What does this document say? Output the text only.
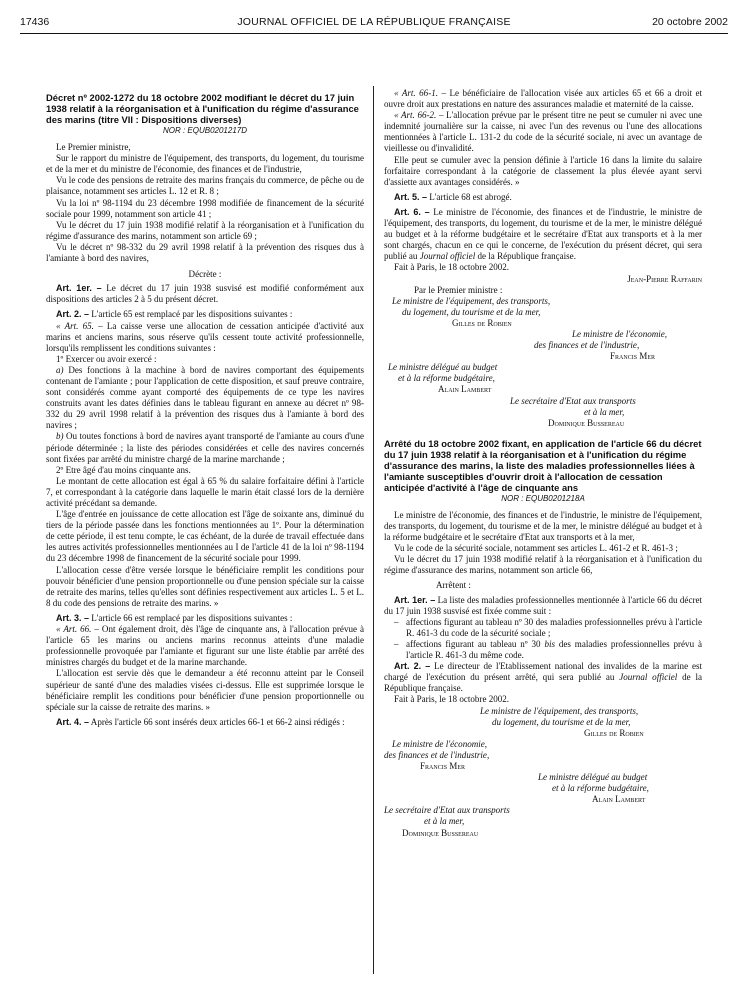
17436	JOURNAL OFFICIEL DE LA RÉPUBLIQUE FRANÇAISE	20 octobre 2002

Décret nº 2002-1272 du 18 octobre 2002 modifiant le décret du 17 juin 1938 relatif à la réorganisation et à l'unification du régime d'assurance des marins (titre VII : Dispositions diverses)

NOR : EQUB0201217D

Le Premier ministre,

Sur le rapport du ministre de l'équipement, des transports, du logement, du tourisme et de la mer et du ministre de l'économie, des finances et de l'industrie,

Vu le code des pensions de retraite des marins français du commerce, de pêche ou de plaisance, notamment ses articles L. 12 et R. 8 ;

Vu la loi nº 98-1194 du 23 décembre 1998 modifiée de financement de la sécurité sociale pour 1999, notamment son article 41 ;

Vu le décret du 17 juin 1938 modifié relatif à la réorganisation et à l'unification du régime d'assurance des marins, notamment son article 69 ;

Vu le décret nº 98-332 du 29 avril 1998 relatif à la prévention des risques dus à l'amiante à bord des navires,

Décrète :

Art. 1er. – Le décret du 17 juin 1938 susvisé est modifié conformément aux dispositions des articles 2 à 5 du présent décret.

Art. 2. – L'article 65 est remplacé par les dispositions suivantes :

« Art. 65. – La caisse verse une allocation de cessation anticipée d'activité aux marins et anciens marins, sous réserve qu'ils cessent toute activité professionnelle, lorsqu'ils remplissent les conditions suivantes :

1º Exercer ou avoir exercé :

a) Des fonctions à la machine à bord de navires comportant des équipements contenant de l'amiante ; pour l'application de cette disposition, et sauf preuve contraire, sont considérés comme ayant comporté des équipements de ce type les navires construits avant les dates définies dans le tableau figurant en annexe au décret nº 98-332 du 29 avril 1998 relatif à la prévention des risques dus à l'amiante à bord des navires ;

b) Ou toutes fonctions à bord de navires ayant transporté de l'amiante au cours d'une période déterminée ; la liste des périodes considérées et celle des navires concernés sont fixées par arrêté du ministre chargé de la marine marchande ;

2º Etre âgé d'au moins cinquante ans.

Le montant de cette allocation est égal à 65 % du salaire forfaitaire défini à l'article 7, et correspondant à la catégorie dans laquelle le marin était classé lors de la dernière activité précédant sa demande.

L'âge d'entrée en jouissance de cette allocation est l'âge de soixante ans, diminué du tiers de la période passée dans les fonctions mentionnées au 1º. Pour la détermination de cette période, il est tenu compte, le cas échéant, de la durée de travail effectuée dans les autres activités professionnelles mentionnées au I de l'article 41 de la loi nº 98-1194 du 23 décembre 1998 de financement de la sécurité sociale pour 1999.

L'allocation cesse d'être versée lorsque le bénéficiaire remplit les conditions pour pouvoir bénéficier d'une pension proportionnelle ou d'une pension spéciale sur la caisse de retraite des marins, telles qu'elles sont définies respectivement aux articles L. 5 et L. 8 du code des pensions de retraite des marins. »

Art. 3. – L'article 66 est remplacé par les dispositions suivantes :

« Art. 66. – Ont également droit, dès l'âge de cinquante ans, à l'allocation prévue à l'article 65 les marins ou anciens marins reconnus atteints d'une maladie professionnelle provoquée par l'amiante et figurant sur une liste établie par arrêté des ministres chargés du budget et de la marine marchande.

L'allocation est servie dès que le demandeur a été reconnu atteint par le Conseil supérieur de santé d'une des maladies visées ci-dessus. Elle est supprimée lorsque le bénéficiaire remplit les conditions pour bénéficier d'une pension proportionnelle ou spéciale sur la caisse de retraite des marins. »

Art. 4. – Après l'article 66 sont insérés deux articles 66-1 et 66-2 ainsi rédigés :

« Art. 66-1. – Le bénéficiaire de l'allocation visée aux articles 65 et 66 a droit et ouvre droit aux prestations en nature des assurances maladie et maternité de la caisse.

« Art. 66-2. – L'allocation prévue par le présent titre ne peut se cumuler ni avec une indemnité journalière sur la caisse, ni avec l'un des revenus ou l'une des allocations mentionnées à l'article L. 131-2 du code de la sécurité sociale, ni avec un avantage de vieillesse ou d'invalidité.

Elle peut se cumuler avec la pension définie à l'article 16 dans la limite du salaire forfaitaire correspondant à la catégorie de classement la plus élevée ayant servi d'assiette aux avantages considérés. »

Art. 5. – L'article 68 est abrogé.

Art. 6. – Le ministre de l'économie, des finances et de l'industrie, le ministre de l'équipement, des transports, du logement, du tourisme et de la mer, le ministre délégué au budget et à la réforme budgétaire et le secrétaire d'Etat aux transports et à la mer sont chargés, chacun en ce qui le concerne, de l'exécution du présent décret, qui sera publié au Journal officiel de la République française.

Fait à Paris, le 18 octobre 2002.

Jean-Pierre Raffarin

Par le Premier ministre :

Le ministre de l'équipement, des transports,

du logement, du tourisme et de la mer,

Gilles de Robien

Le ministre de l'économie,

des finances et de l'industrie,

Francis Mer

Le ministre délégué au budget

et à la réforme budgétaire,

Alain Lambert

Le secrétaire d'Etat aux transports

et à la mer,

Dominique Bussereau

Arrêté du 18 octobre 2002 fixant, en application de l'article 66 du décret du 17 juin 1938 relatif à la réorganisation et à l'unification du régime d'assurance des marins, la liste des maladies professionnelles liées à l'amiante susceptibles d'ouvrir droit à l'allocation de cessation anticipée d'activité à l'âge de cinquante ans

NOR : EQUB0201218A

Le ministre de l'économie, des finances et de l'industrie, le ministre de l'équipement, des transports, du logement, du tourisme et de la mer, le ministre délégué au budget et à la réforme budgétaire et le secrétaire d'Etat aux transports et à la mer,

Vu le code de la sécurité sociale, notamment ses articles L. 461-2 et R. 461-3 ;

Vu le décret du 17 juin 1938 modifié relatif à la réorganisation et à l'unification du régime d'assurance des marins, notamment son article 66,

Arrêtent :

Art. 1er. – La liste des maladies professionnelles mentionnée à l'article 66 du décret du 17 juin 1938 susvisé est fixée comme suit :

– affections figurant au tableau nº 30 des maladies professionnelles prévu à l'article R. 461-3 du code de la sécurité sociale ;
– affections figurant au tableau nº 30 bis des maladies professionnelles prévu à l'article R. 461-3 du même code.

Art. 2. – Le directeur de l'Etablissement national des invalides de la marine est chargé de l'exécution du présent arrêté, qui sera publié au Journal officiel de la République française.

Fait à Paris, le 18 octobre 2002.

Le ministre de l'équipement, des transports,

du logement, du tourisme et de la mer,

Gilles de Robien

Le ministre de l'économie,

des finances et de l'industrie,

Francis Mer

Le ministre délégué au budget

et à la réforme budgétaire,

Alain Lambert

Le secrétaire d'Etat aux transports

et à la mer,

Dominique Bussereau
